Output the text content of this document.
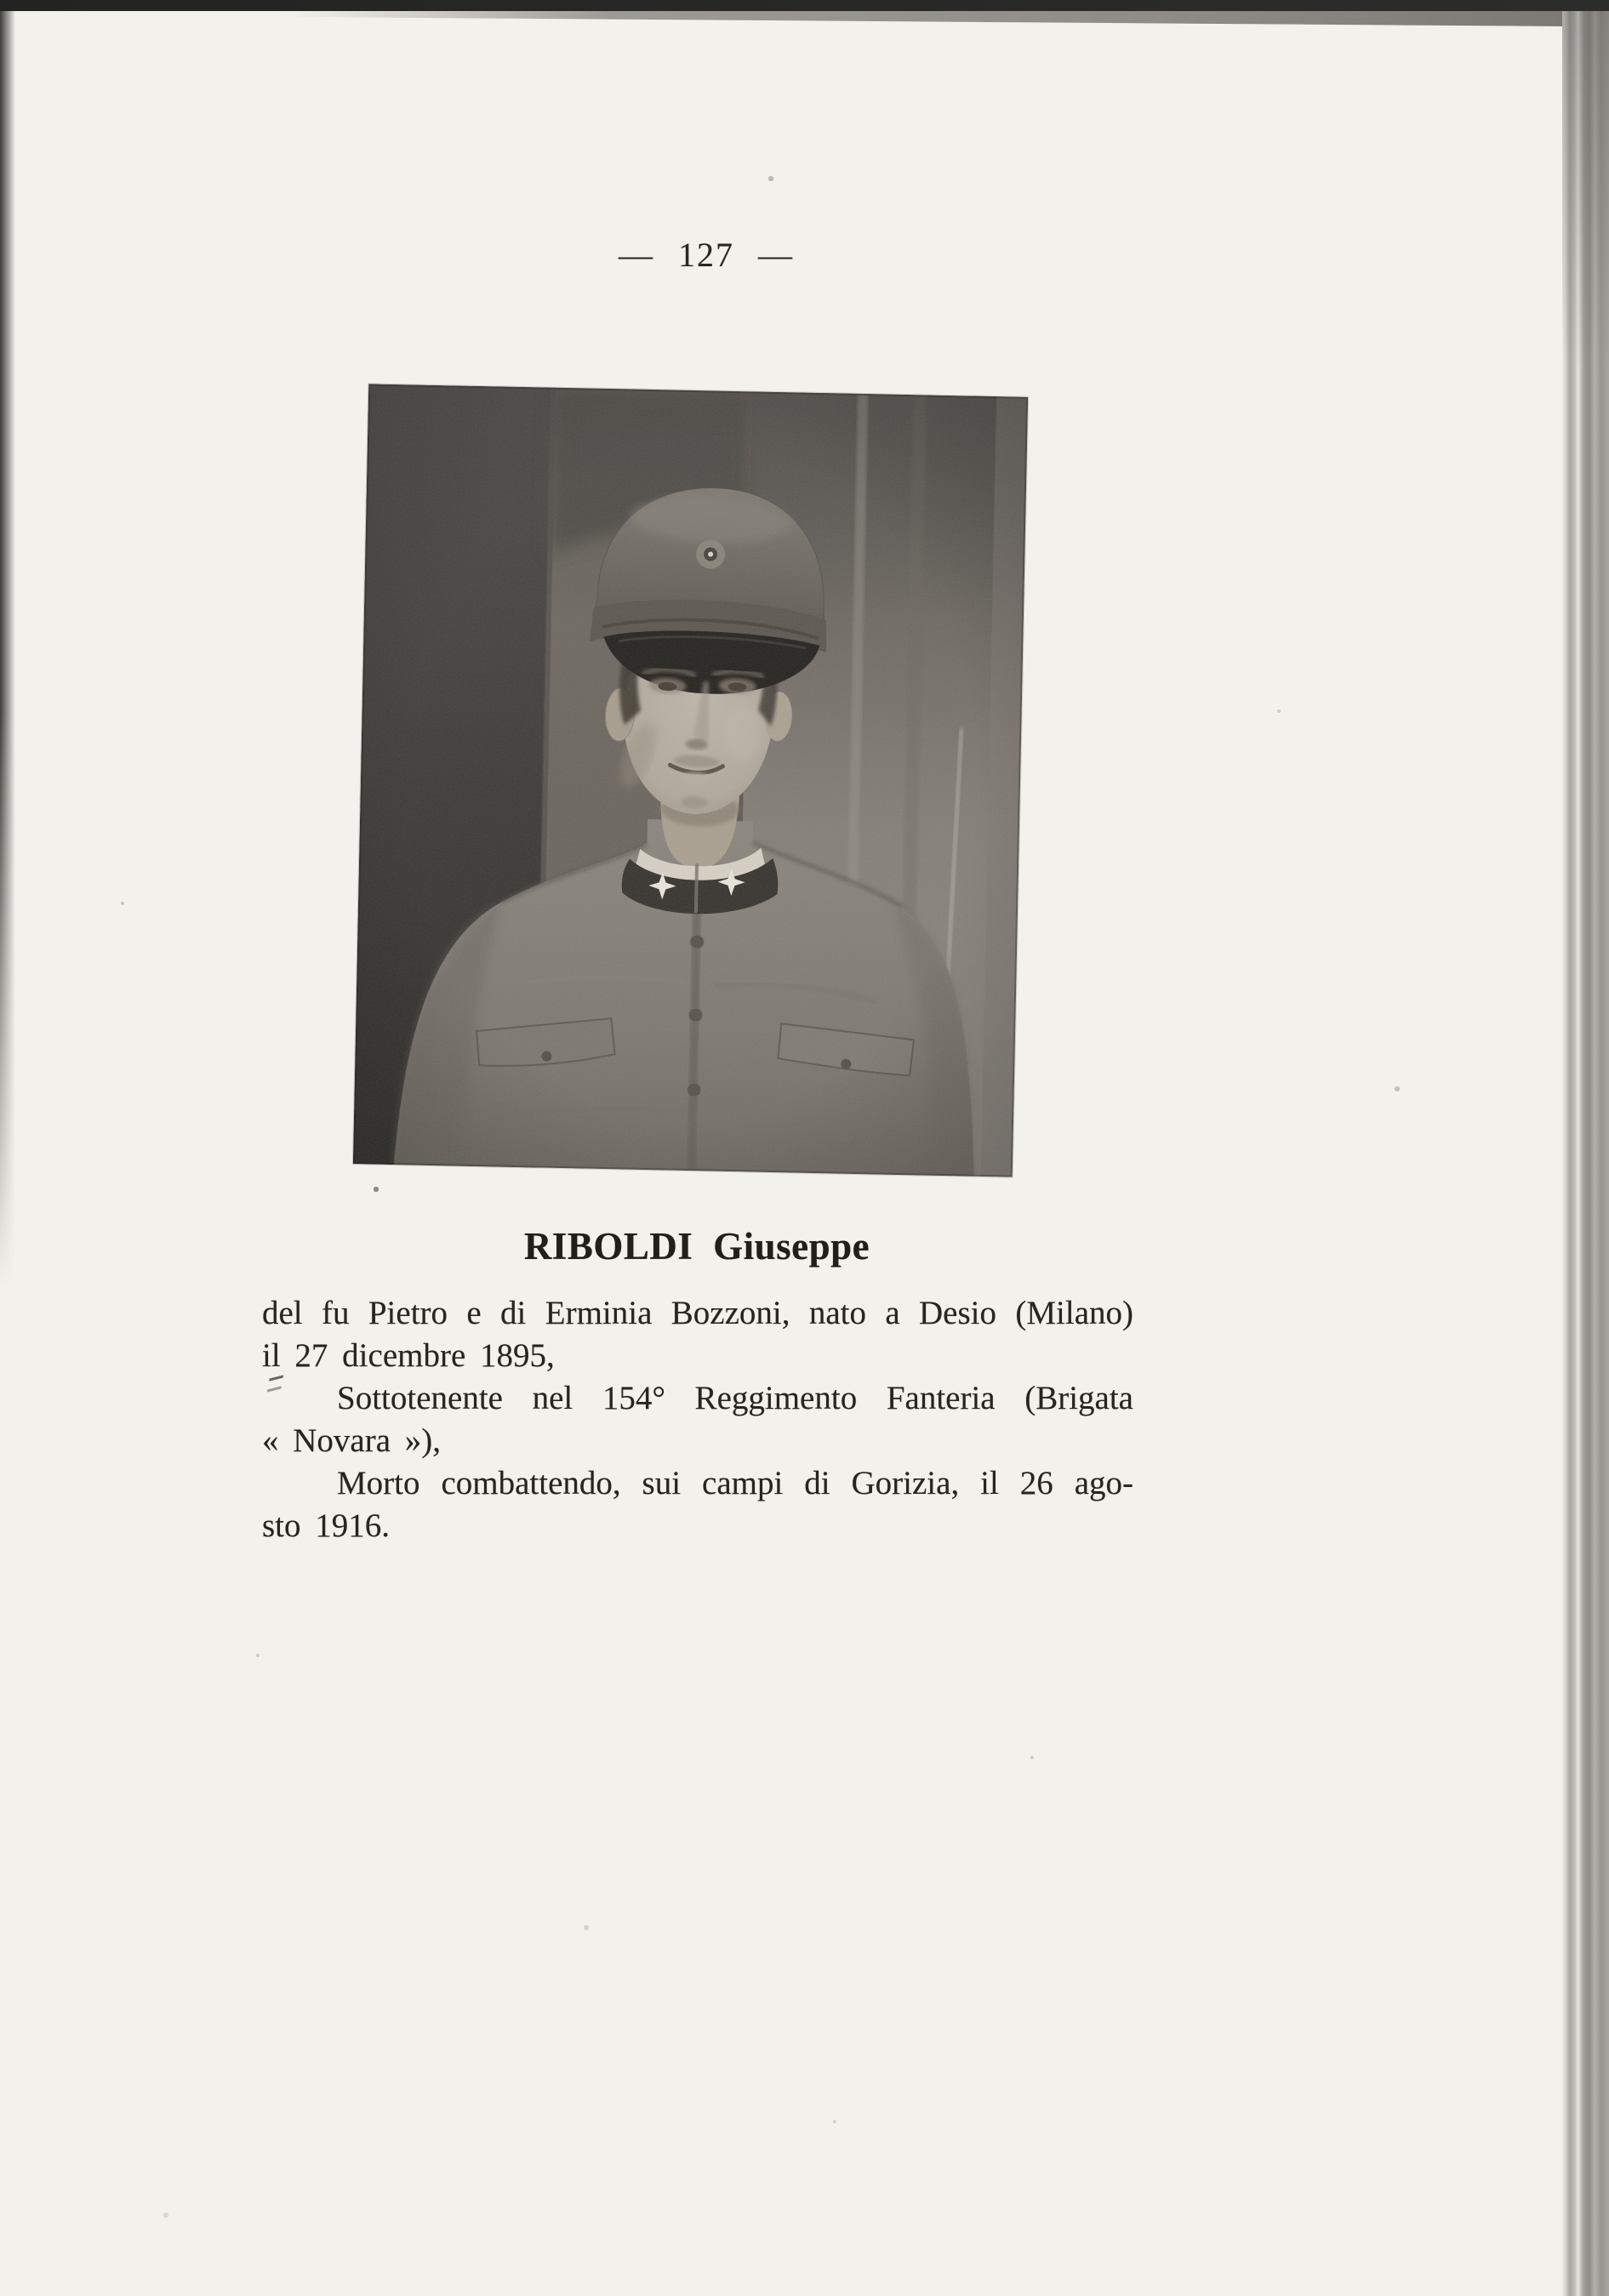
— 127 —

RIBOLDI Giuseppe

del fu Pietro e di Erminia Bozzoni, nato a Desio (Milano)

il 27 dicembre 1895,

Sottotenente nel 154° Reggimento Fanteria (Brigata

« Novara »),

Morto combattendo, sui campi di Gorizia, il 26 ago-

sto 1916.
